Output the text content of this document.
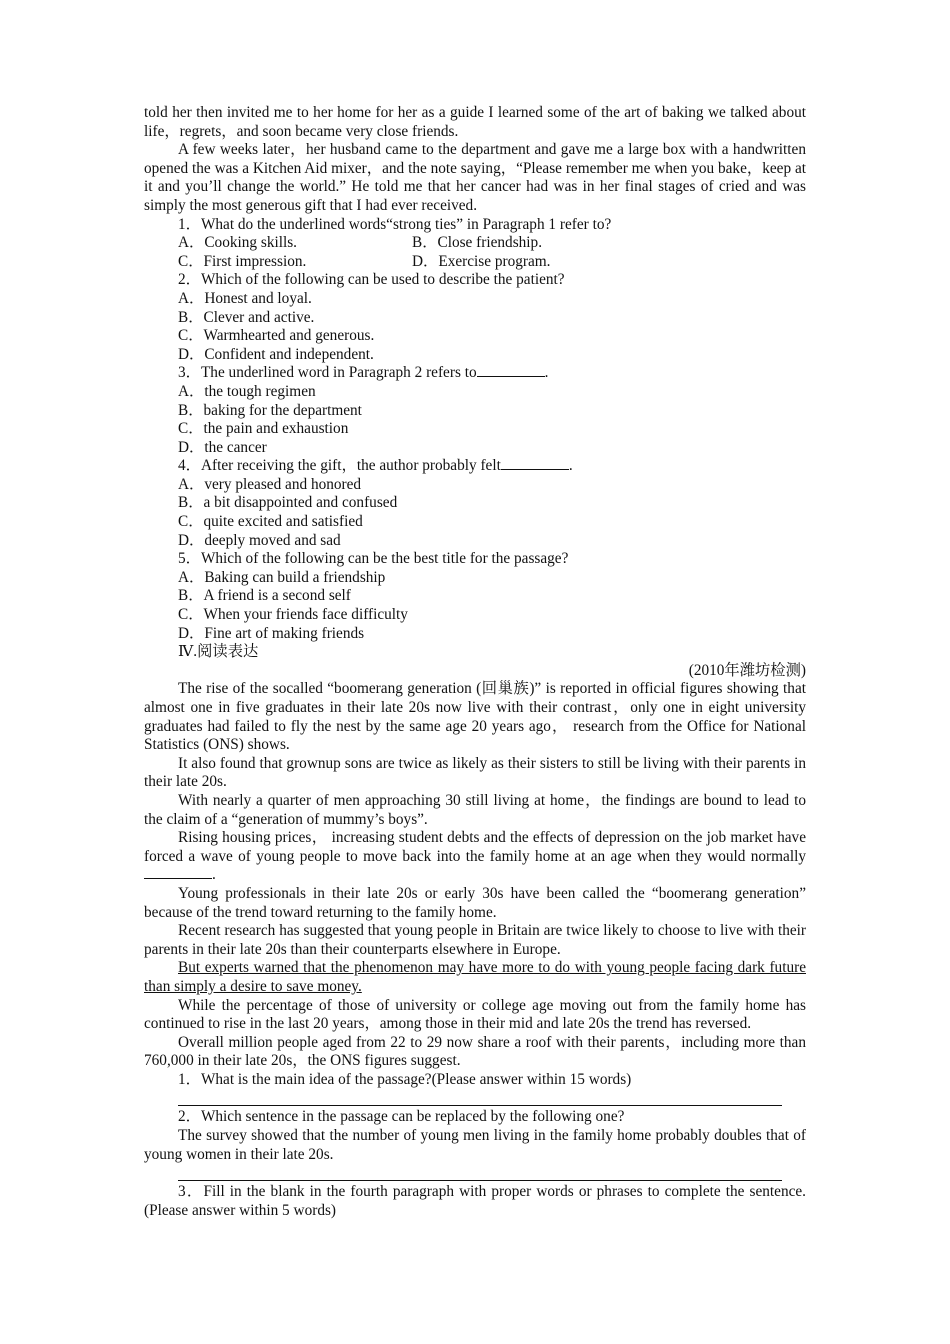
told her then invited me to her home for her as a guide I learned some of the art of baking we talked about life，regrets，and soon became very close friends.

A few weeks later，her husband came to the department and gave me a large box with a handwritten opened the was a Kitchen Aid mixer，and the note saying，“Please remember me when you bake，keep at it and you’ll change the world.” He told me that her cancer had was in her final stages of cried and was simply the most generous gift that I had ever received.

1．What do the underlined words“strong ties” in Paragraph 1 refer to?

A．Cooking skills.	B．Close friendship.
C．First impression.	D．Exercise program.

2．Which of the following can be used to describe the patient?

A．Honest and loyal.

B．Clever and active.

C．Warmhearted and generous.

D．Confident and independent.

3．The underlined word in Paragraph 2 refers to	.

A．the tough regimen

B．baking for the department

C．the pain and exhaustion

D．the cancer

4．After receiving the gift，the author probably felt	.

A．very pleased and honored

B．a bit disappointed and confused

C．quite excited and satisfied

D．deeply moved and sad

5．Which of the following can be the best title for the passage?

A．Baking can build a friendship

B．A friend is a second self

C．When your friends face difficulty

D．Fine art of making friends

Ⅳ.阅读表达

(2010年潍坊检测)

The rise of the socalled “boomerang generation (回巢族)” is reported in official figures showing that almost one in five graduates in their late 20s now live with their contrast，only one in eight university graduates had failed to fly the nest by the same age 20 years ago， research from the Office for National Statistics (ONS) shows.

It also found that grownup sons are twice as likely as their sisters to still be living with their parents in their late 20s.

With nearly a quarter of men approaching 30 still living at home，the findings are bound to lead to the claim of a “generation of mummy’s boys”.

Rising housing prices， increasing student debts and the effects of depression on the job market have forced a wave of young people to move back into the family home at an age when they would normally.

Young professionals in their late 20s or early 30s have been called the “boomerang generation” because of the trend toward returning to the family home.

Recent research has suggested that young people in Britain are twice likely to choose to live with their parents in their late 20s than their counterparts elsewhere in Europe.

But experts warned that the phenomenon may have more to do with young people facing dark future than simply a desire to save money.

While the percentage of those of university or college age moving out from the family home has continued to rise in the last 20 years，among those in their mid and late 20s the trend has reversed.

Overall million people aged from 22 to 29 now share a roof with their parents，including more than 760,000 in their late 20s，the ONS figures suggest.

1．What is the main idea of the passage?(Please answer within 15 words)

2．Which sentence in the passage can be replaced by the following one?

The survey showed that the number of young men living in the family home probably doubles that of young women in their late 20s.

3．Fill in the blank in the fourth paragraph with proper words or phrases to complete the sentence.(Please answer within 5 words)
